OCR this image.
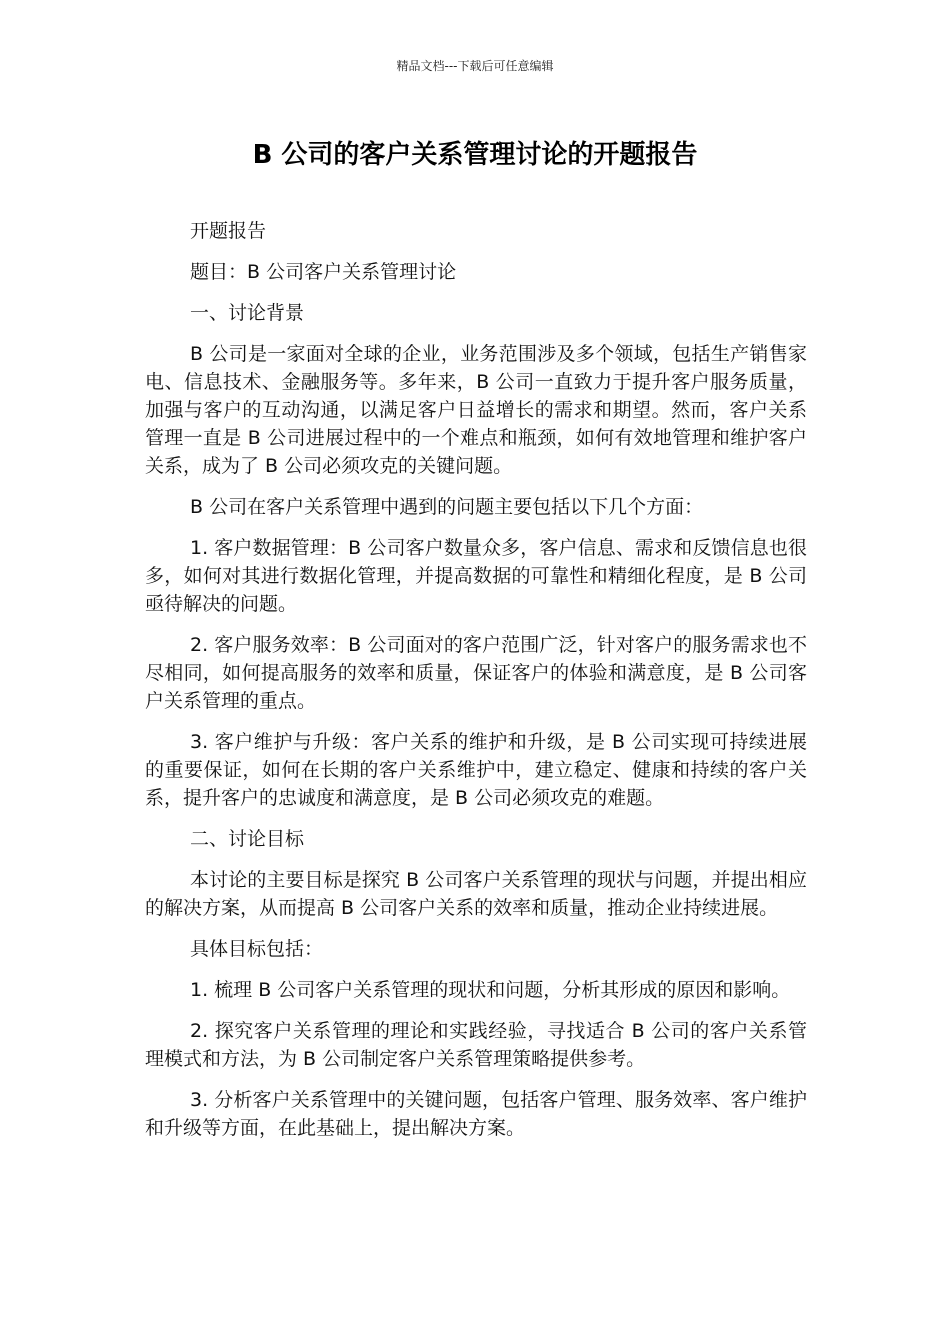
精品文档---下载后可任意编辑
B 公司的客户关系管理讨论的开题报告

开题报告

题目：B 公司客户关系管理讨论

一、讨论背景

B 公司是一家面对全球的企业，业务范围涉及多个领域，包括生产销售家电、信息技术、金融服务等。多年来，B 公司一直致力于提升客户服务质量，加强与客户的互动沟通，以满足客户日益增长的需求和期望。然而，客户关系管理一直是 B 公司进展过程中的一个难点和瓶颈，如何有效地管理和维护客户关系，成为了 B 公司必须攻克的关键问题。

B 公司在客户关系管理中遇到的问题主要包括以下几个方面：

1. 客户数据管理：B 公司客户数量众多，客户信息、需求和反馈信息也很多，如何对其进行数据化管理，并提高数据的可靠性和精细化程度，是 B 公司亟待解决的问题。

2. 客户服务效率：B 公司面对的客户范围广泛，针对客户的服务需求也不尽相同，如何提高服务的效率和质量，保证客户的体验和满意度，是 B 公司客户关系管理的重点。

3. 客户维护与升级：客户关系的维护和升级，是 B 公司实现可持续进展的重要保证，如何在长期的客户关系维护中，建立稳定、健康和持续的客户关系，提升客户的忠诚度和满意度，是 B 公司必须攻克的难题。

二、讨论目标

本讨论的主要目标是探究 B 公司客户关系管理的现状与问题，并提出相应的解决方案，从而提高 B 公司客户关系的效率和质量，推动企业持续进展。

具体目标包括：

1. 梳理 B 公司客户关系管理的现状和问题，分析其形成的原因和影响。

2. 探究客户关系管理的理论和实践经验，寻找适合 B 公司的客户关系管理模式和方法，为 B 公司制定客户关系管理策略提供参考。

3. 分析客户关系管理中的关键问题，包括客户管理、服务效率、客户维护和升级等方面，在此基础上，提出解决方案。
